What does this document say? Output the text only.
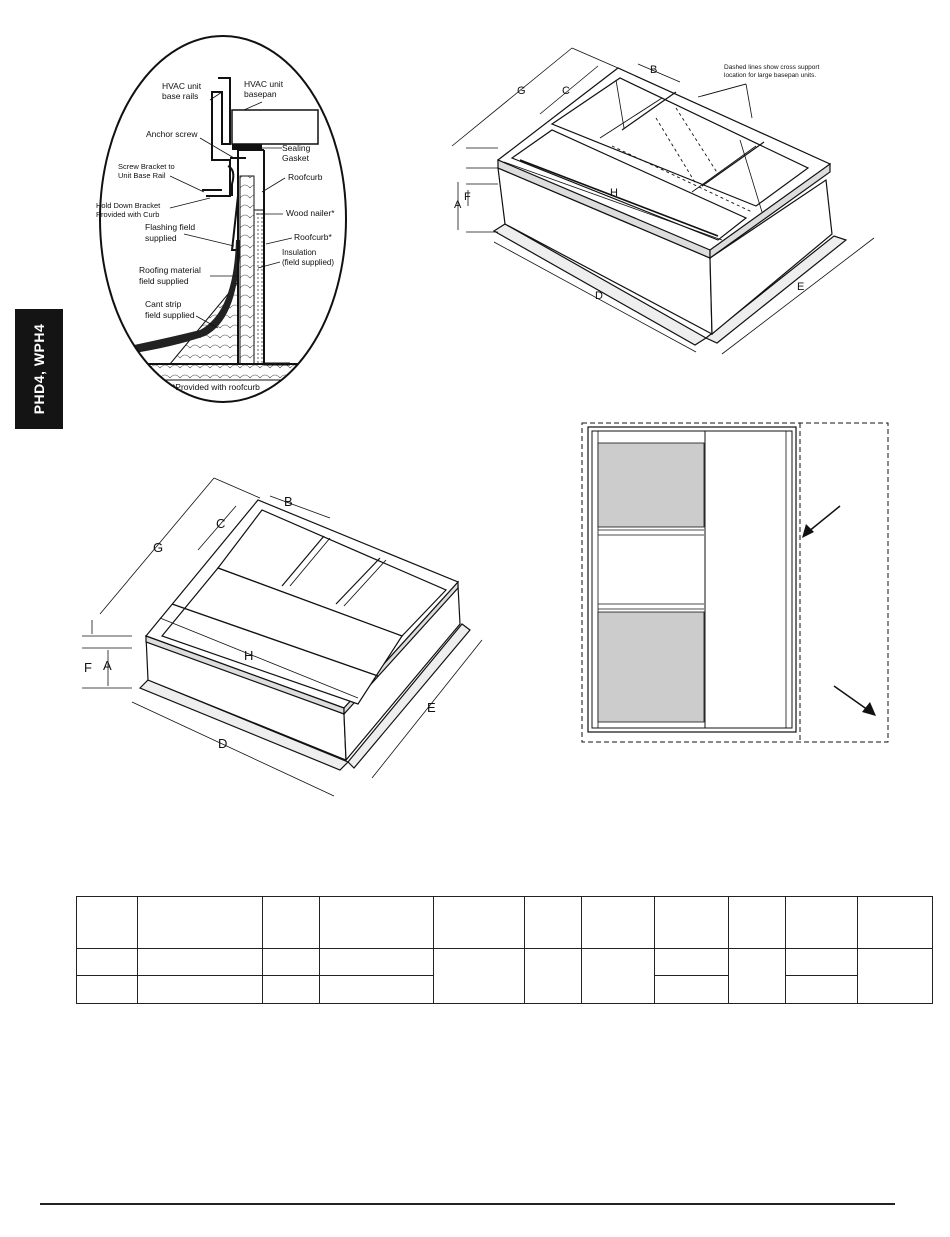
PHD4, WPH4
HVAC unit
base rails
HVAC unit
basepan
Anchor screw
Sealing
Gasket
Screw Bracket to
Unit Base Rail	Roofcurb
Hold Down Bracket
Provided with Curb	Wood nailer*
Flashing field
supplied	Roofcurb*
Insulation
(field supplied)
Roofing material
field supplied
Cant strip
field supplied
*Provided with roofcurb
G	C
B
H
D
E
F
A
Dashed lines show cross support
location for large basepan units.
G
C
B
H
D
E
F A
